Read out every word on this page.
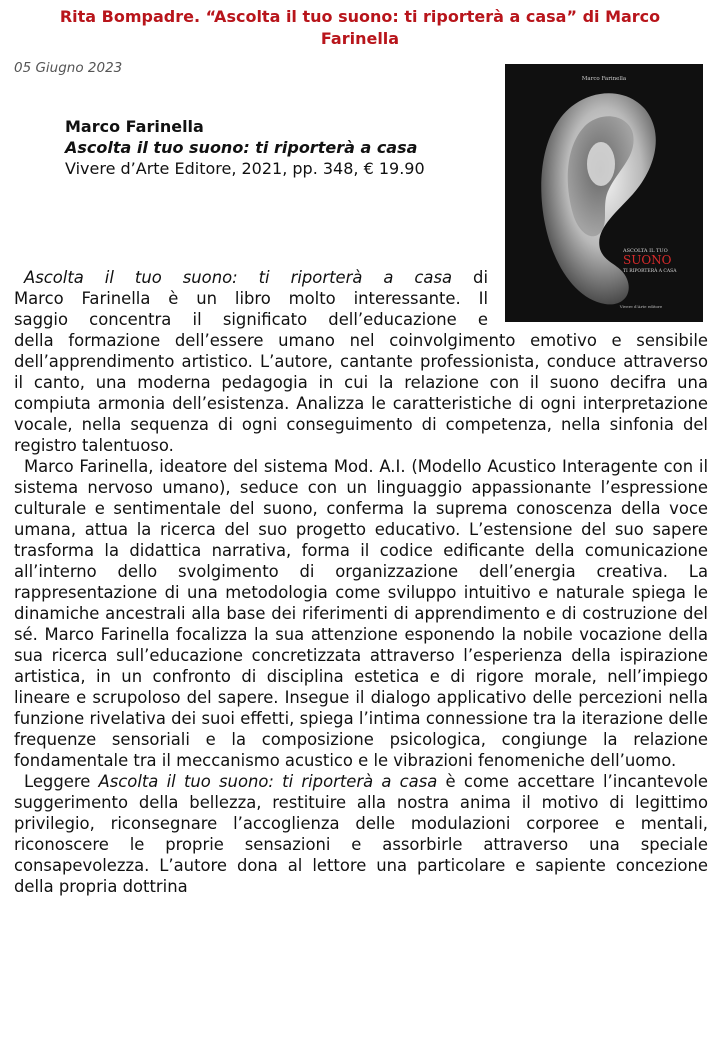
Rita Bompadre. “Ascolta il tuo suono: ti riporterà a casa” di Marco Farinella
05 Giugno 2023
Marco Farinella
ASCOLTA IL TUO
SUONO
TI RIPORTERÀ A CASA
Vivere d'Arte editore
Marco Farinella
Ascolta il tuo suono: ti riporterà a casa
Vivere d’Arte Editore, 2021, pp. 348, € 19.90

Ascolta il tuo suono: ti riporterà a casa di

Marco Farinella è un libro molto interessante. Il

saggio concentra il significato dell’educazione e

della formazione dell’essere umano nel coinvolgimento emotivo e sensibile dell’apprendimento artistico. L’autore, cantante professionista, conduce attraverso il canto, una moderna pedagogia in cui la relazione con il suono decifra una compiuta armonia dell’esistenza. Analizza le caratteristiche di ogni interpretazione vocale, nella sequenza di ogni conseguimento di competenza, nella sinfonia del registro talentuoso.

Marco Farinella, ideatore del sistema Mod. A.I. (Modello Acustico Interagente con il sistema nervoso umano), seduce con un linguaggio appassionante l’espressione culturale e sentimentale del suono, conferma la suprema conoscenza della voce umana, attua la ricerca del suo progetto educativo. L’estensione del suo sapere trasforma la didattica narrativa, forma il codice edificante della comunicazione all’interno dello svolgimento di organizzazione dell’energia creativa. La rappresentazione di una metodologia come sviluppo intuitivo e naturale spiega le dinamiche ancestrali alla base dei riferimenti di apprendimento e di costruzione del sé. Marco Farinella focalizza la sua attenzione esponendo la nobile vocazione della sua ricerca sull’educazione concretizzata attraverso l’esperienza della ispirazione artistica, in un confronto di disciplina estetica e di rigore morale, nell’impiego lineare e scrupoloso del sapere. Insegue il dialogo applicativo delle percezioni nella funzione rivelativa dei suoi effetti, spiega l’intima connessione tra la iterazione delle frequenze sensoriali e la composizione psicologica, congiunge la relazione fondamentale tra il meccanismo acustico e le vibrazioni fenomeniche dell’uomo.

Leggere Ascolta il tuo suono: ti riporterà a casa è come accettare l’incantevole suggerimento della bellezza, restituire alla nostra anima il motivo di legittimo privilegio, riconsegnare l’accoglienza delle modulazioni corporee e mentali, riconoscere le proprie sensazioni e assorbirle attraverso una speciale consapevolezza. L’autore dona al lettore una particolare e sapiente concezione della propria dottrina
